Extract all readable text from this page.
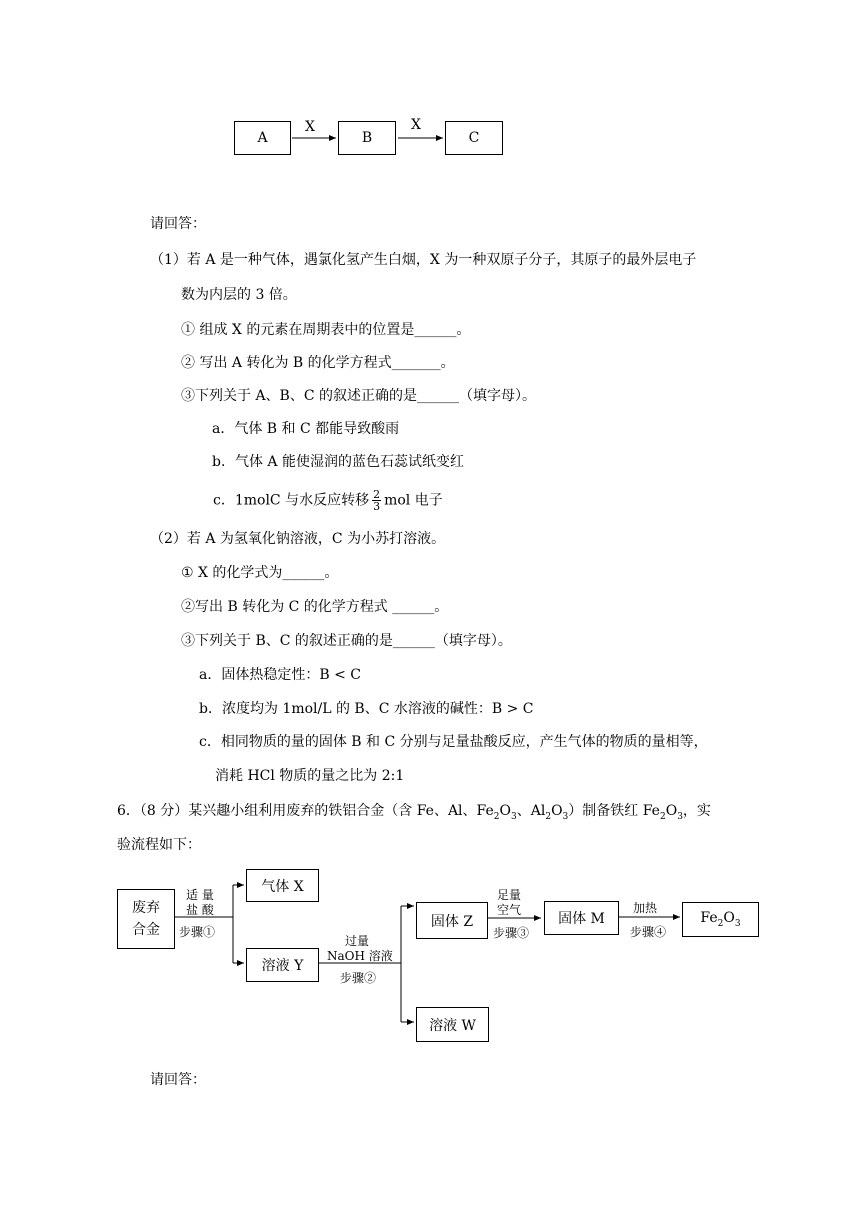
A	B	C
X	X
请回答：
（1）若 A 是一种气体，遇氯化氢产生白烟，X 为一种双原子分子，其原子的最外层电子
数为内层的 3 倍。
① 组成 X 的元素在周期表中的位置是______。
② 写出 A 转化为 B 的化学方程式_______。
③下列关于 A、B、C 的叙述正确的是______（填字母）。
a．气体 B 和 C 都能导致酸雨
b．气体 A 能使湿润的蓝色石蕊试纸变红
c．1molC 与水反应转移 $\frac{2}{3}$ mol 电子
（2）若 A 为氢氧化钠溶液，C 为小苏打溶液。
① X 的化学式为______。
②写出 B 转化为 C 的化学方程式 ______。
③下列关于 B、C 的叙述正确的是______（填字母）。
a．固体热稳定性：B < C
b．浓度均为 1mol/L 的 B、C 水溶液的碱性：B > C
c．相同物质的量的固体 B 和 C 分别与足量盐酸反应，产生气体的物质的量相等，
消耗 HCl 物质的量之比为 2:1
6．（8 分）某兴趣小组利用废弃的铁铝合金（含 Fe、Al、$Fe_2O_3$、$Al_2O_3$）制备铁红 $Fe_2O_3$，实
验流程如下：
废弃
合金
气体 X
溶液 Y
固体 Z
溶液 W
固体 M	$Fe_2O_3$
适 量
盐 酸
步骤①
过量
NaOH 溶液
步骤②
足量
空气
步骤③
加热
步骤④
请回答：
